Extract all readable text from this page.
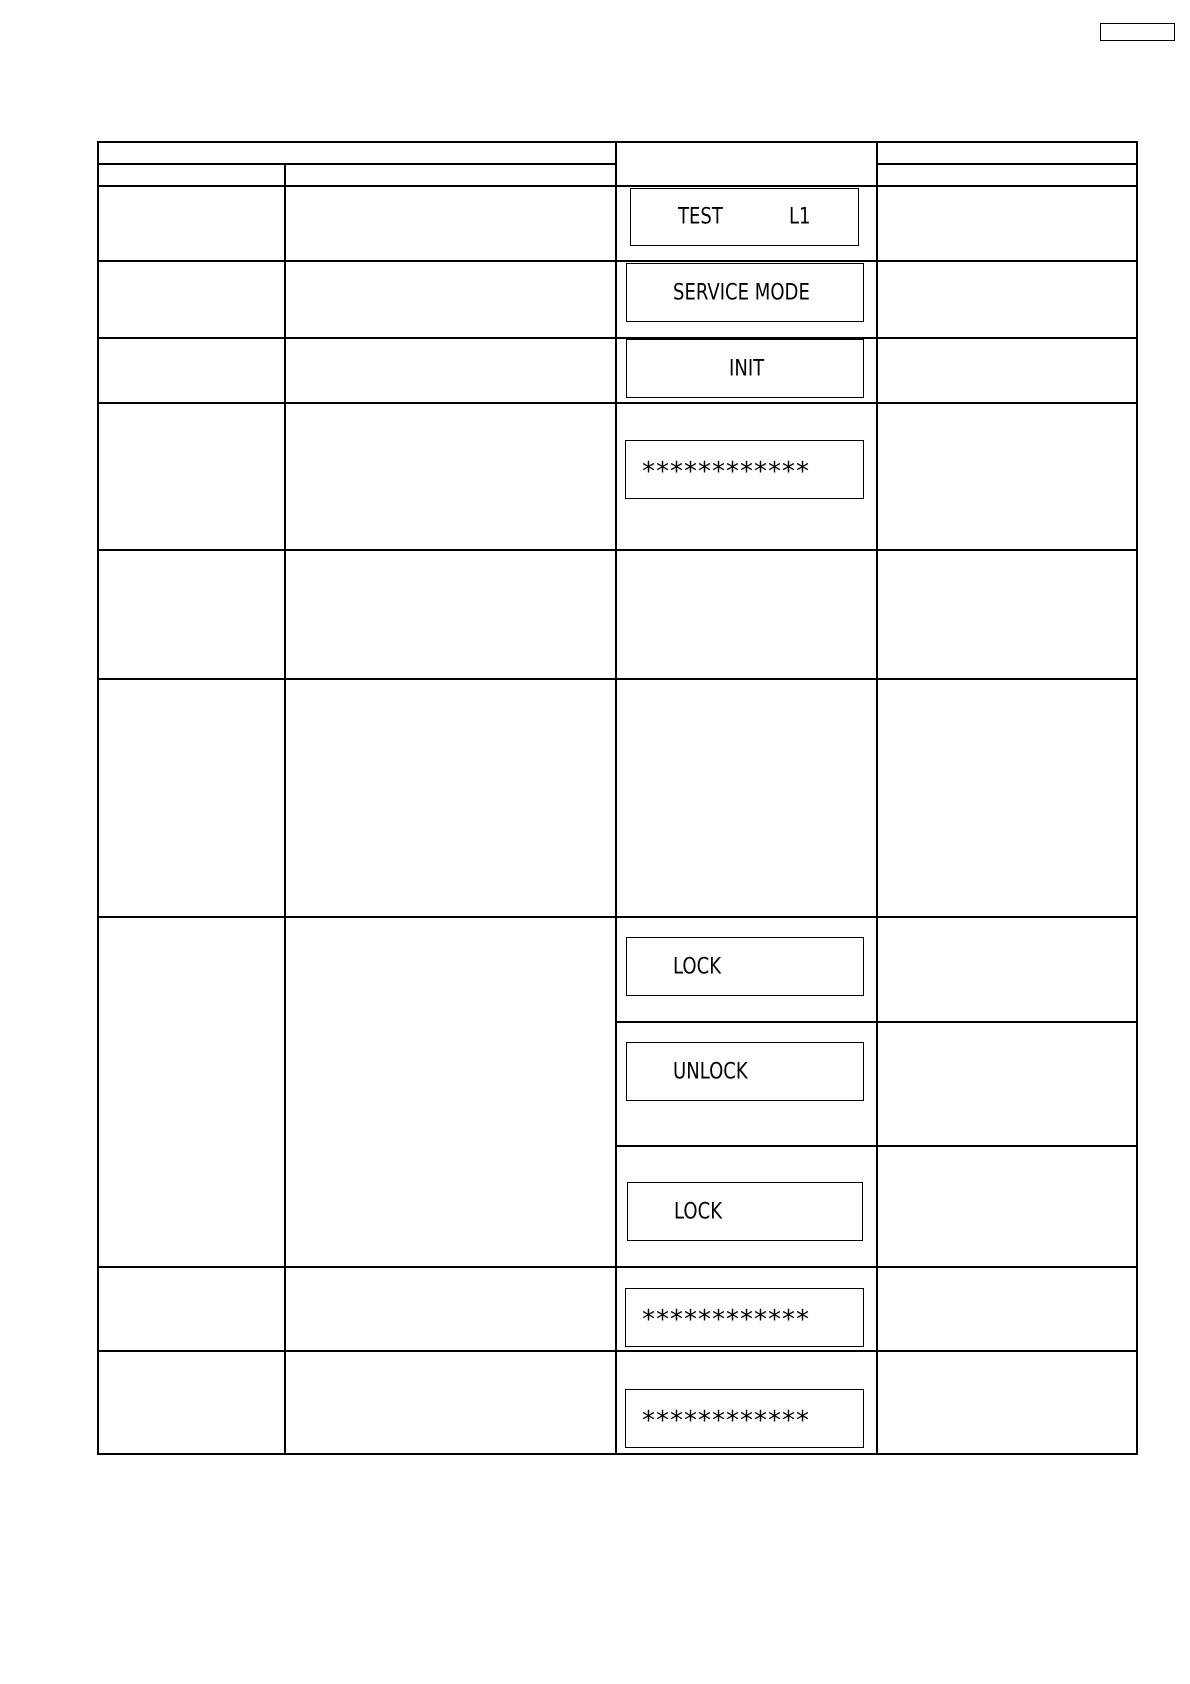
TEST	L1
SERVICE MODE
INIT
************
LOCK
UNLOCK
LOCK
************
************
